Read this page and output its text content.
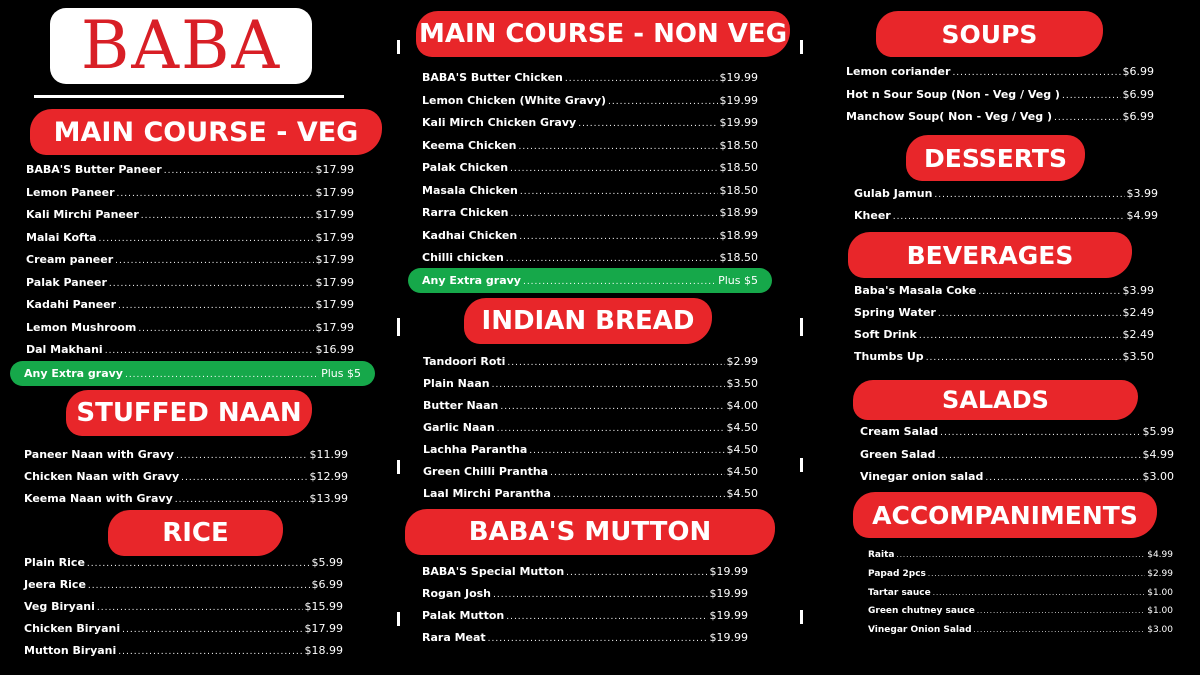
BABA
MAIN COURSE - VEG
BABA'S Butter Paneer .....	$17.99
Lemon Paneer .....	$17.99
Kali Mirchi Paneer .....	$17.99
Malai Kofta .....	$17.99
Cream paneer .....	$17.99
Palak Paneer .....	$17.99
Kadahi Paneer .....	$17.99
Lemon Mushroom .....	$17.99
Dal Makhani .....	$16.99
Any Extra gravy .....	Plus $5
STUFFED NAAN
Paneer Naan with Gravy .....	$11.99
Chicken Naan with Gravy .....	$12.99
Keema Naan with Gravy .....	$13.99
RICE
Plain Rice .....	$5.99
Jeera Rice .....	$6.99
Veg Biryani .....	$15.99
Chicken Biryani .....	$17.99
Mutton Biryani .....	$18.99
MAIN COURSE - NON VEG
BABA'S Butter Chicken .....	$19.99
Lemon Chicken (White Gravy) .....	$19.99
Kali Mirch Chicken Gravy .....	$19.99
Keema Chicken .....	$18.50
Palak Chicken .....	$18.50
Masala Chicken .....	$18.50
Rarra Chicken .....	$18.99
Kadhai Chicken .....	$18.99
Chilli chicken .....	$18.50
Any Extra gravy .....	Plus $5
INDIAN BREAD
Tandoori Roti .....	$2.99
Plain Naan .....	$3.50
Butter Naan .....	$4.00
Garlic Naan .....	$4.50
Lachha Parantha .....	$4.50
Green Chilli Prantha .....	$4.50
Laal Mirchi Parantha .....	$4.50
BABA'S MUTTON
BABA'S Special Mutton .....	$19.99
Rogan Josh .....	$19.99
Palak Mutton .....	$19.99
Rara Meat .....	$19.99
SOUPS
Lemon coriander .....	$6.99
Hot n Sour Soup (Non - Veg / Veg ) .....	$6.99
Manchow Soup( Non - Veg / Veg ) .....	$6.99
DESSERTS
Gulab Jamun .....	$3.99
Kheer .....	$4.99
BEVERAGES
Baba's Masala Coke .....	$3.99
Spring Water .....	$2.49
Soft Drink .....	$2.49
Thumbs Up .....	$3.50
SALADS
Cream Salad .....	$5.99
Green Salad .....	$4.99
Vinegar onion salad .....	$3.00
ACCOMPANIMENTS
Raita .....	$4.99
Papad 2pcs .....	$2.99
Tartar sauce .....	$1.00
Green chutney sauce .....	$1.00
Vinegar Onion Salad .....	$3.00
